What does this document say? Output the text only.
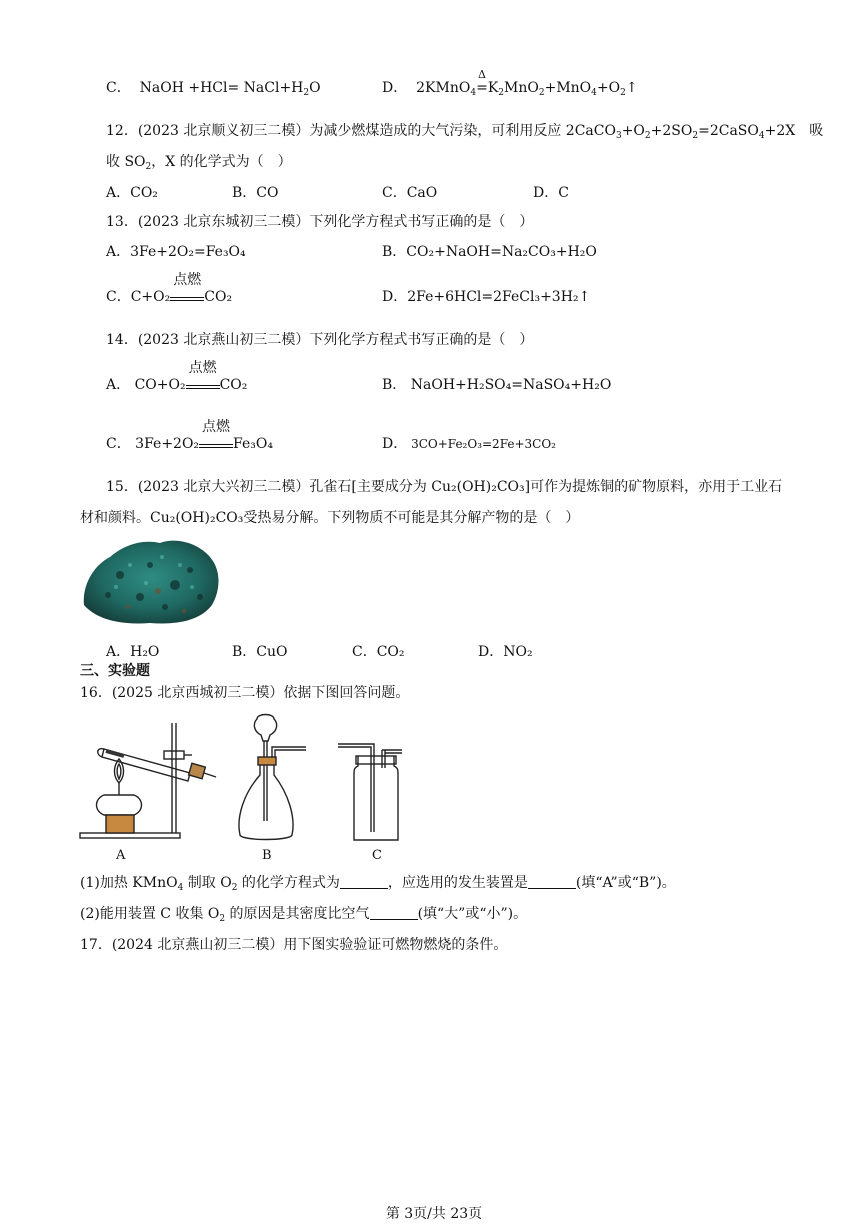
C． NaOH $+HCl= NaCl+H_2O$	D． 2KMnO$_4$
Δ
$=K_2MnO_2+MnO_4+O_2↑$
12．(2023 北京顺义初三二模）为减少燃煤造成的大气污染，可利用反应 $2CaCO_3+O_2+2SO_2=2CaSO_4+2X$　吸
收 $SO_2$，X 的化学式为（　）
A．CO₂	B．CO	C．CaO	D．C
13．(2023 北京东城初三二模）下列化学方程式书写正确的是（　）
A．3Fe+2O₂=Fe₃O₄	B．CO₂+NaOH=Na₂CO₃+H₂O
C．C+O₂
点燃
CO₂	D．2Fe+6HCl=2FeCl₃+3H₂↑
14．(2023 北京燕山初三二模）下列化学方程式书写正确的是（　）
A． CO+O₂
点燃
CO₂	B． NaOH+H₂SO₄=NaSO₄+H₂O
C． 3Fe+2O₂
点燃
Fe₃O₄	D． 3CO+Fe₂O₃=2Fe+3CO₂
15．(2023 北京大兴初三二模）孔雀石[主要成分为 Cu₂(OH)₂CO₃]可作为提炼铜的矿物原料，亦用于工业石
材和颜料。Cu₂(OH)₂CO₃受热易分解。下列物质不可能是其分解产物的是（　）
A．H₂O	B．CuO	C．CO₂	D．NO₂
三、实验题
16．(2025 北京西城初三二模）依据下图回答问题。
A	B	C
(1)加热 KMnO$_4$ 制取 $O_2$ 的化学方程式为	，应选用的发生装置是	(填“A”或“B”)。
(2)能用装置 C 收集 $O_2$ 的原因是其密度比空气	(填“大”或“小”)。
17．(2024 北京燕山初三二模）用下图实验验证可燃物燃烧的条件。
第 3页/共 23页
